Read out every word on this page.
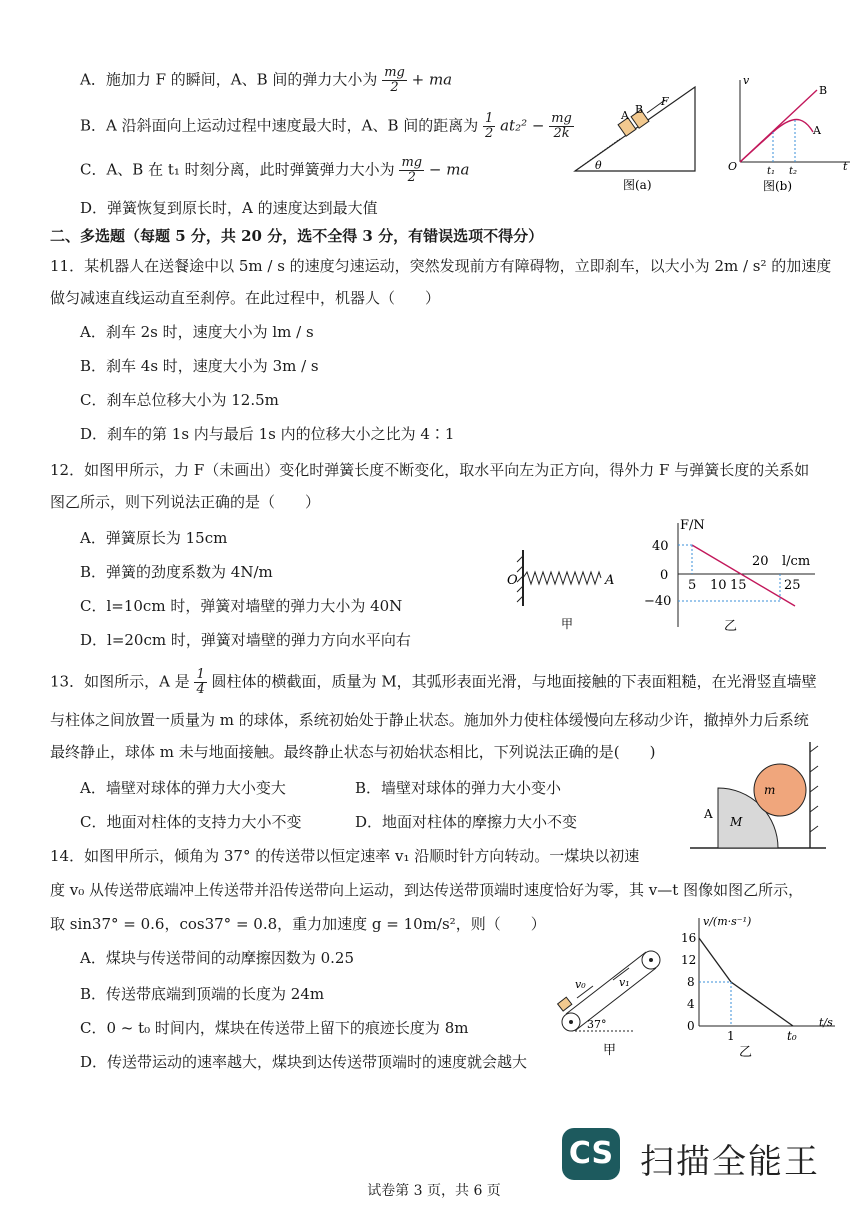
A．施加力 F 的瞬间，A、B 间的弹力大小为 $\frac{mg}{2}$ + ma
B．A 沿斜面向上运动过程中速度最大时，A、B 间的距离为 $\frac{1}{2} at_2^2 - \frac{mg}{2k}$
C．A、B 在 t₁ 时刻分离，此时弹簧弹力大小为 $\frac{mg}{2}$ − ma
D．弹簧恢复到原长时，A 的速度达到最大值
A B
F
θ
图(a)
v
B
A
O	t₁ t₂	t
图(b)
二、多选题（每题 5 分，共 20 分，选不全得 3 分，有错误选项不得分）
11．某机器人在送餐途中以 5m / s 的速度匀速运动，突然发现前方有障碍物，立即刹车，以大小为 2m / s² 的加速度
做匀减速直线运动直至刹停。在此过程中，机器人（　　）
A．刹车 2s 时，速度大小为 lm / s
B．刹车 4s 时，速度大小为 3m / s
C．刹车总位移大小为 12.5m
D．刹车的第 1s 内与最后 1s 内的位移大小之比为 4∶1
12．如图甲所示，力 F（未画出）变化时弹簧长度不断变化，取水平向左为正方向，得外力 F 与弹簧长度的关系如
图乙所示，则下列说法正确的是（　　）
A．弹簧原长为 15cm
B．弹簧的劲度系数为 4N/m
C．l=10cm 时，弹簧对墙壁的弹力大小为 40N
D．l=20cm 时，弹簧对墙壁的弹力方向水平向右
O	A
甲
F/N
l/cm
40
0
−40
5 10 15
20
25
乙
13．如图所示，A 是 $\frac{1}{4}$ 圆柱体的横截面，质量为 M，其弧形表面光滑，与地面接触的下表面粗糙，在光滑竖直墙壁
与柱体之间放置一质量为 m 的球体，系统初始处于静止状态。施加外力使柱体缓慢向左移动少许，撤掉外力后系统
最终静止，球体 m 未与地面接触。最终静止状态与初始状态相比，下列说法正确的是(　　)
A．墙壁对球体的弹力大小变大	B．墙壁对球体的弹力大小变小
C．地面对柱体的支持力大小不变	D．地面对柱体的摩擦力大小不变	A
M
m
14．如图甲所示，倾角为 37° 的传送带以恒定速率 v₁ 沿顺时针方向转动。一煤块以初速
度 v₀ 从传送带底端冲上传送带并沿传送带向上运动，到达传送带顶端时速度恰好为零，其 v—t 图像如图乙所示，
取 sin37° = 0.6，cos37° = 0.8，重力加速度 g = 10m/s²，则（　　）
A．煤块与传送带间的动摩擦因数为 0.25
B．传送带底端到顶端的长度为 24m
C．0 ~ t₀ 时间内，煤块在传送带上留下的痕迹长度为 8m
D．传送带运动的速率越大，煤块到达传送带顶端时的速度就会越大
v₀	v₁
37°
甲
v/(m·s⁻¹)
t/s
16
12
8
4
0
1	t₀
乙
CS 扫描全能王
试卷第 3 页，共 6 页
